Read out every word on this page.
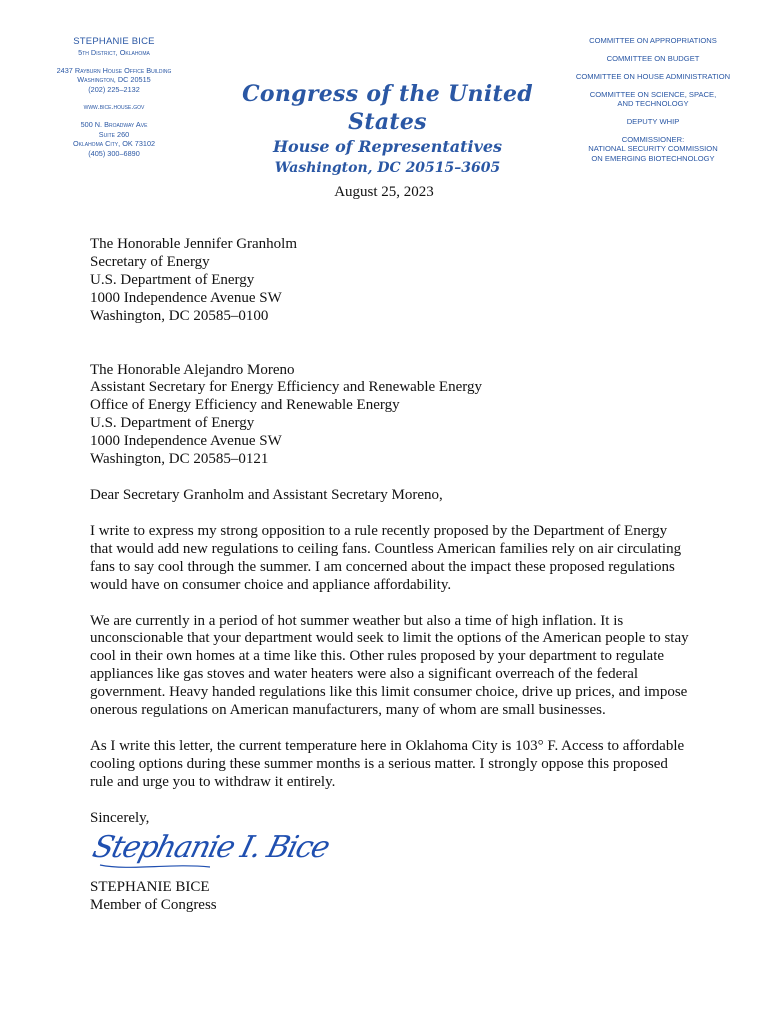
STEPHANIE BICE
5th District, Oklahoma
2437 Rayburn House Office Building
Washington, DC 20515
(202) 225–2132
www.bice.house.gov
500 N. Broadway Ave
Suite 260
Oklahoma City, OK 73102
(405) 300–6890
Congress of the United States
House of Representatives
Washington, DC 20515–3605
COMMITTEE ON APPROPRIATIONS
COMMITTEE ON BUDGET
COMMITTEE ON HOUSE ADMINISTRATION
COMMITTEE ON SCIENCE, SPACE,
AND TECHNOLOGY
DEPUTY WHIP
COMMISSIONER:
NATIONAL SECURITY COMMISSION
ON EMERGING BIOTECHNOLOGY
August 25, 2023

The Honorable Jennifer Granholm
Secretary of Energy
U.S. Department of Energy
1000 Independence Avenue SW
Washington, DC 20585–0100

The Honorable Alejandro Moreno
Assistant Secretary for Energy Efficiency and Renewable Energy
Office of Energy Efficiency and Renewable Energy
U.S. Department of Energy
1000 Independence Avenue SW
Washington, DC 20585–0121

Dear Secretary Granholm and Assistant Secretary Moreno,

I write to express my strong opposition to a rule recently proposed by the Department of Energy that would add new regulations to ceiling fans. Countless American families rely on air circulating fans to say cool through the summer. I am concerned about the impact these proposed regulations would have on consumer choice and appliance affordability.

We are currently in a period of hot summer weather but also a time of high inflation. It is unconscionable that your department would seek to limit the options of the American people to stay cool in their own homes at a time like this. Other rules proposed by your department to regulate appliances like gas stoves and water heaters were also a significant overreach of the federal government. Heavy handed regulations like this limit consumer choice, drive up prices, and impose onerous regulations on American manufacturers, many of whom are small businesses.

As I write this letter, the current temperature here in Oklahoma City is 103° F. Access to affordable cooling options during these summer months is a serious matter. I strongly oppose this proposed rule and urge you to withdraw it entirely.

Sincerely,

Stephanie I. Bice
STEPHANIE BICE
Member of Congress
